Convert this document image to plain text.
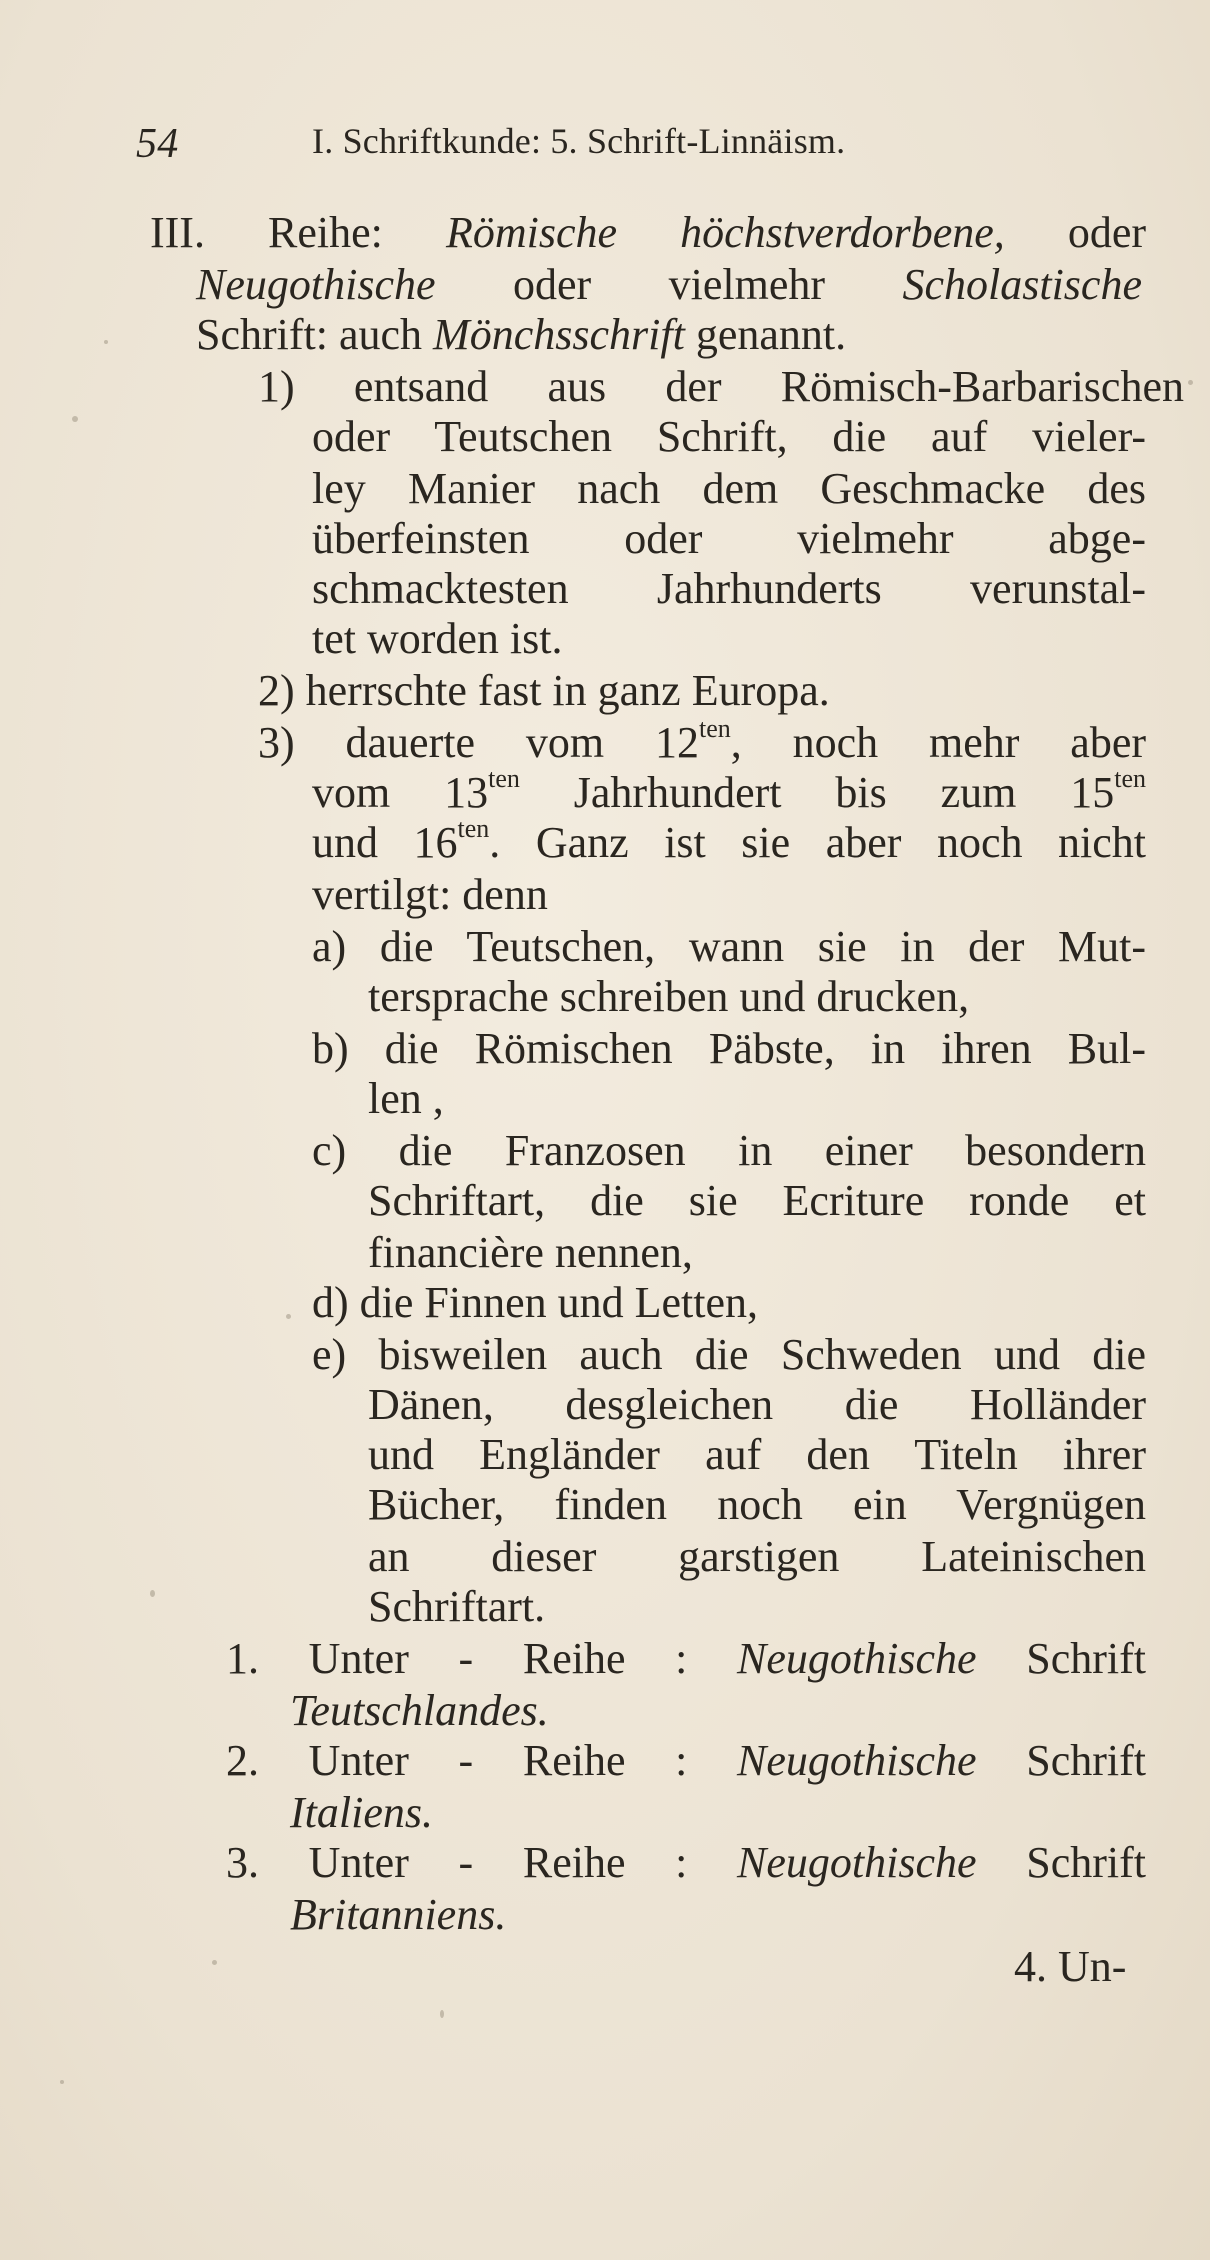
54	I. Schriftkunde: 5. Schrift-Linnäism.
III. Reihe: Römische höchstverdorbene, oder
Neugothische oder vielmehr Scholastische
Schrift: auch Mönchsschrift genannt.
1) entsand aus der Römisch-Barbarischen
oder Teutschen Schrift, die auf vieler-
ley Manier nach dem Geschmacke des
überfeinsten oder vielmehr abge-
schmacktesten Jahrhunderts verunstal-
tet worden ist.
2) herrschte fast in ganz Europa.
3) dauerte vom $12^{ten}$, noch mehr aber
vom $13^{ten}$ Jahrhundert bis zum $15^{ten}$
und $16^{ten}$. Ganz ist sie aber noch nicht
vertilgt: denn
a) die Teutschen, wann sie in der Mut-
tersprache schreiben und drucken,
b) die Römischen Päbste, in ihren Bul-
len ,
c) die Franzosen in einer besondern
Schriftart, die sie Ecriture ronde et
financière nennen,
d) die Finnen und Letten,
e) bisweilen auch die Schweden und die
Dänen, desgleichen die Holländer
und Engländer auf den Titeln ihrer
Bücher, finden noch ein Vergnügen
an dieser garstigen Lateinischen
Schriftart.
1. Unter - Reihe : Neugothische Schrift
Teutschlandes.
2. Unter - Reihe : Neugothische Schrift
Italiens.
3. Unter - Reihe : Neugothische Schrift
Britanniens.
4. Un-
